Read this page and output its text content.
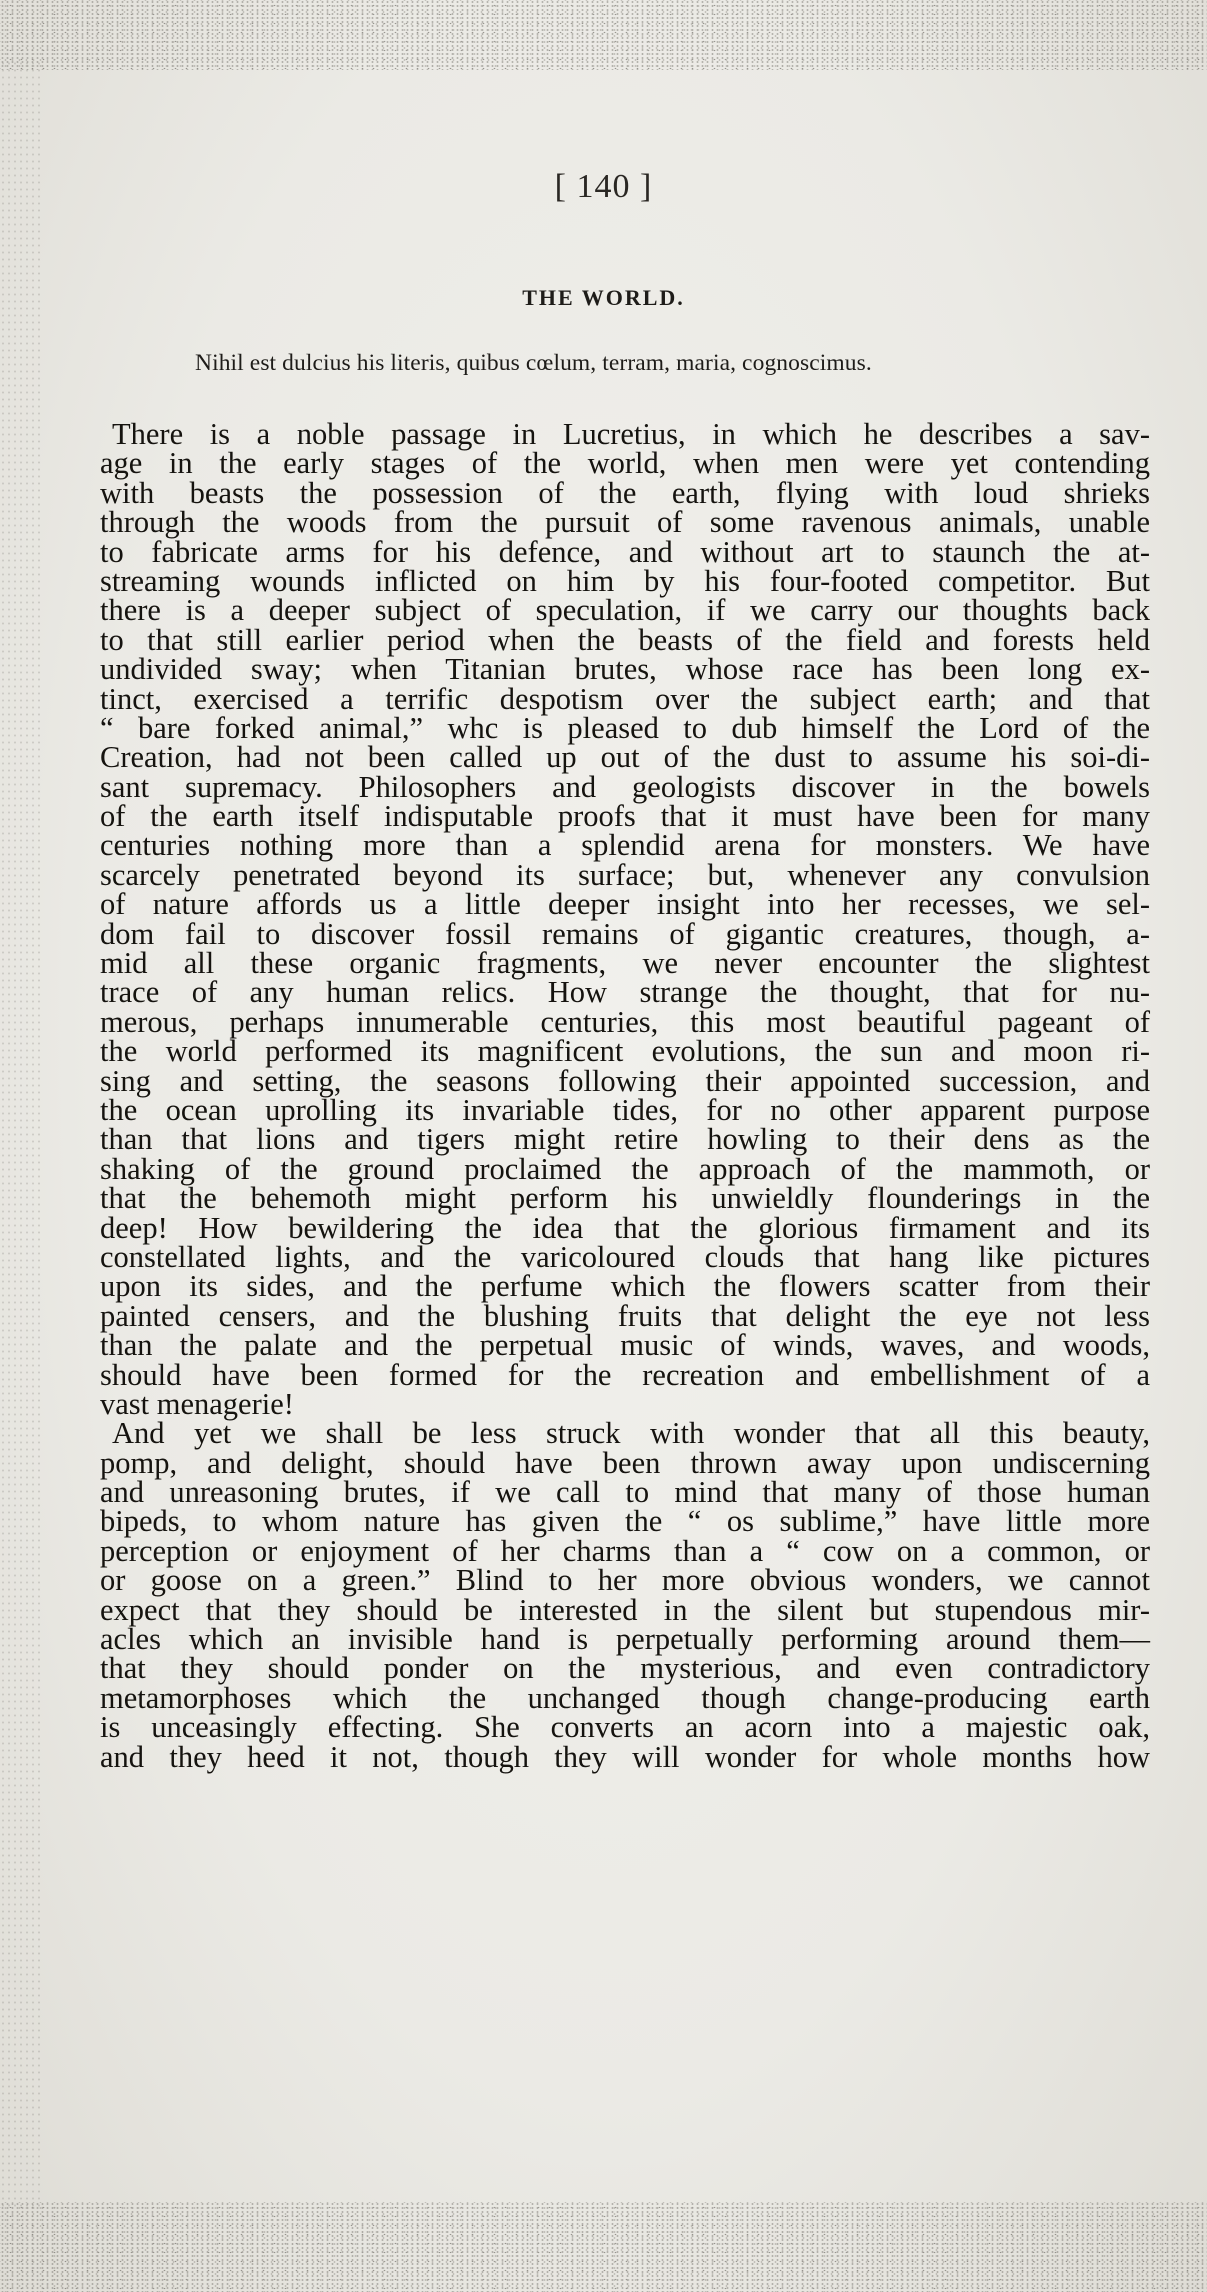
[ 140 ]
THE WORLD.
Nihil est dulcius his literis, quibus cœlum, terram, maria, cognoscimus.
There is a noble passage in Lucretius, in which he describes a sav-
age in the early stages of the world, when men were yet contending
with beasts the possession of the earth, flying with loud shrieks
through the woods from the pursuit of some ravenous animals, unable
to fabricate arms for his defence, and without art to staunch the at-
streaming wounds inflicted on him by his four-footed competitor. But
there is a deeper subject of speculation, if we carry our thoughts back
to that still earlier period when the beasts of the field and forests held
undivided sway; when Titanian brutes, whose race has been long ex-
tinct, exercised a terrific despotism over the subject earth; and that
“ bare forked animal,” whc is pleased to dub himself the Lord of the
Creation, had not been called up out of the dust to assume his soi-di-
sant supremacy. Philosophers and geologists discover in the bowels
of the earth itself indisputable proofs that it must have been for many
centuries nothing more than a splendid arena for monsters. We have
scarcely penetrated beyond its surface; but, whenever any convulsion
of nature affords us a little deeper insight into her recesses, we sel-
dom fail to discover fossil remains of gigantic creatures, though, a-
mid all these organic fragments, we never encounter the slightest
trace of any human relics. How strange the thought, that for nu-
merous, perhaps innumerable centuries, this most beautiful pageant of
the world performed its magnificent evolutions, the sun and moon ri-
sing and setting, the seasons following their appointed succession, and
the ocean uprolling its invariable tides, for no other apparent purpose
than that lions and tigers might retire howling to their dens as the
shaking of the ground proclaimed the approach of the mammoth, or
that the behemoth might perform his unwieldly flounderings in the
deep! How bewildering the idea that the glorious firmament and its
constellated lights, and the varicoloured clouds that hang like pictures
upon its sides, and the perfume which the flowers scatter from their
painted censers, and the blushing fruits that delight the eye not less
than the palate and the perpetual music of winds, waves, and woods,
should have been formed for the recreation and embellishment of a
vast menagerie!
And yet we shall be less struck with wonder that all this beauty,
pomp, and delight, should have been thrown away upon undiscerning
and unreasoning brutes, if we call to mind that many of those human
bipeds, to whom nature has given the “ os sublime,” have little more
perception or enjoyment of her charms than a “ cow on a common, or
or goose on a green.” Blind to her more obvious wonders, we cannot
expect that they should be interested in the silent but stupendous mir-
acles which an invisible hand is perpetually performing around them—
that they should ponder on the mysterious, and even contradictory
metamorphoses which the unchanged though change-producing earth
is unceasingly effecting. She converts an acorn into a majestic oak,
and they heed it not, though they will wonder for whole months how
